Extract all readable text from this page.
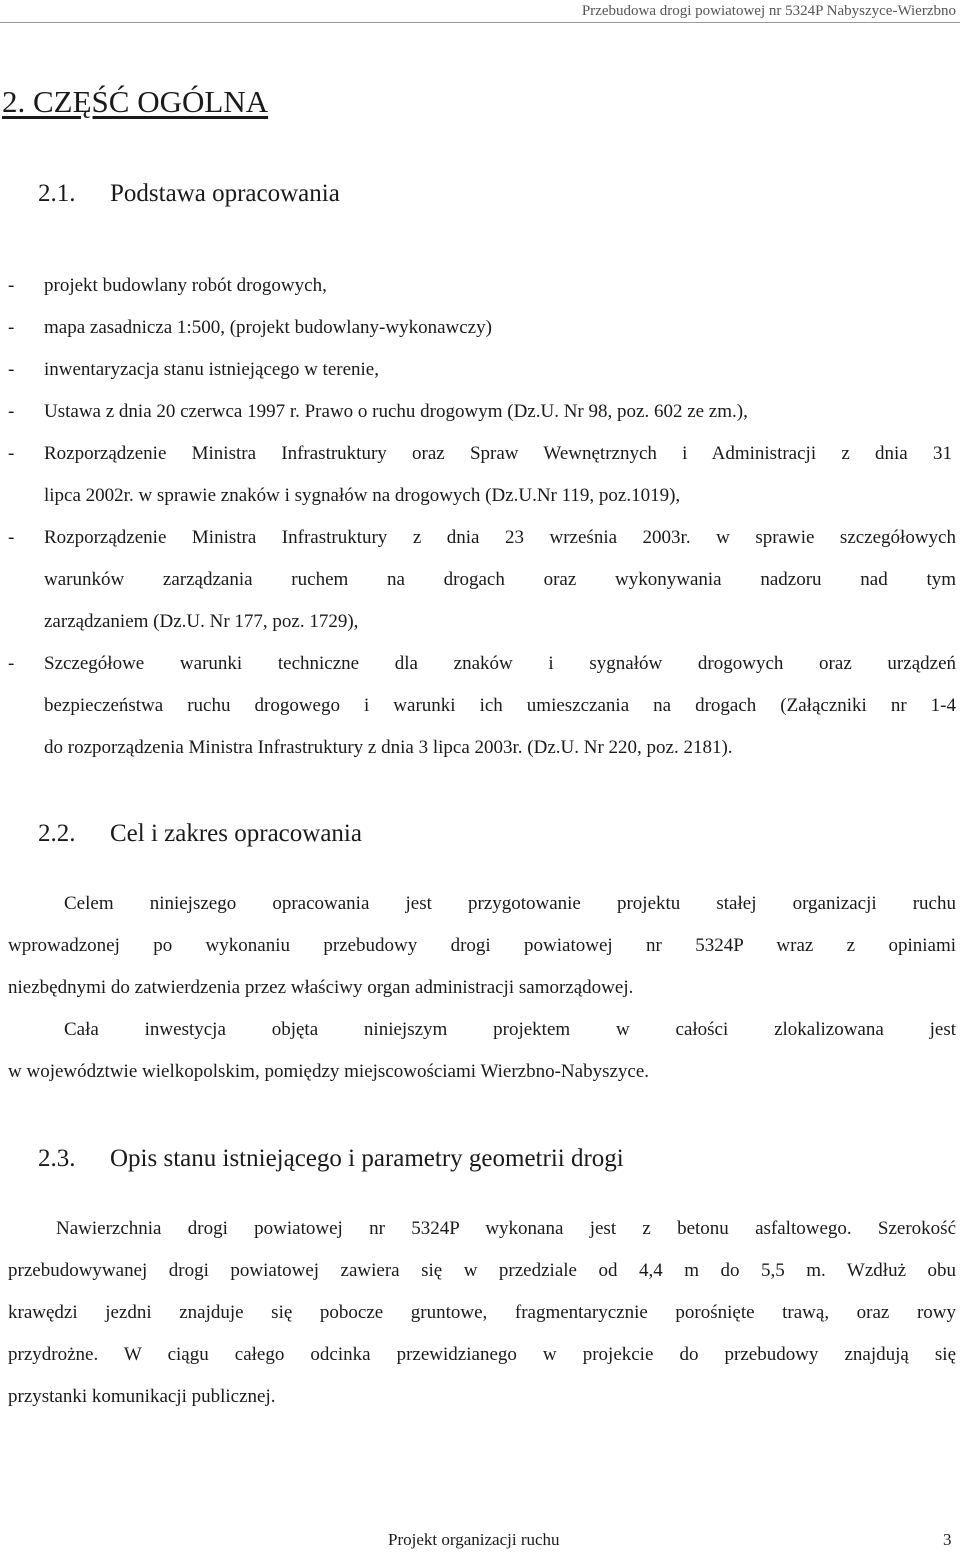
Przebudowa drogi powiatowej nr 5324P Nabyszyce-Wierzbno
2. CZĘŚĆ OGÓLNA
2.1. Podstawa opracowania
- projekt budowlany robót drogowych,
- mapa zasadnicza 1:500, (projekt budowlany-wykonawczy)
- inwentaryzacja stanu istniejącego w terenie,
- Ustawa z dnia 20 czerwca 1997 r. Prawo o ruchu drogowym (Dz.U. Nr 98, poz. 602 ze zm.),
- Rozporządzenie Ministra Infrastruktury oraz Spraw Wewnętrznych i Administracji z dnia 31
lipca 2002r. w sprawie znaków i sygnałów na drogowych (Dz.U.Nr 119, poz.1019),
- Rozporządzenie Ministra Infrastruktury z dnia 23 września 2003r. w sprawie szczegółowych
warunków zarządzania ruchem na drogach oraz wykonywania nadzoru nad tym
zarządzaniem (Dz.U. Nr 177, poz. 1729),
- Szczegółowe warunki techniczne dla znaków i sygnałów drogowych oraz urządzeń
bezpieczeństwa ruchu drogowego i warunki ich umieszczania na drogach (Załączniki nr 1-4
do rozporządzenia Ministra Infrastruktury z dnia 3 lipca 2003r. (Dz.U. Nr 220, poz. 2181).
2.2. Cel i zakres opracowania
Celem niniejszego opracowania jest przygotowanie projektu stałej organizacji ruchu
wprowadzonej po wykonaniu przebudowy drogi powiatowej nr 5324P wraz z opiniami
niezbędnymi do zatwierdzenia przez właściwy organ administracji samorządowej.
Cała inwestycja objęta niniejszym projektem w całości zlokalizowana jest
w województwie wielkopolskim, pomiędzy miejscowościami Wierzbno-Nabyszyce.
2.3. Opis stanu istniejącego i parametry geometrii drogi
Nawierzchnia drogi powiatowej nr 5324P wykonana jest z betonu asfaltowego. Szerokość
przebudowywanej drogi powiatowej zawiera się w przedziale od 4,4 m do 5,5 m. Wzdłuż obu
krawędzi jezdni znajduje się pobocze gruntowe, fragmentarycznie porośnięte trawą, oraz rowy
przydrożne. W ciągu całego odcinka przewidzianego w projekcie do przebudowy znajdują się
przystanki komunikacji publicznej.
Projekt organizacji ruchu	3
